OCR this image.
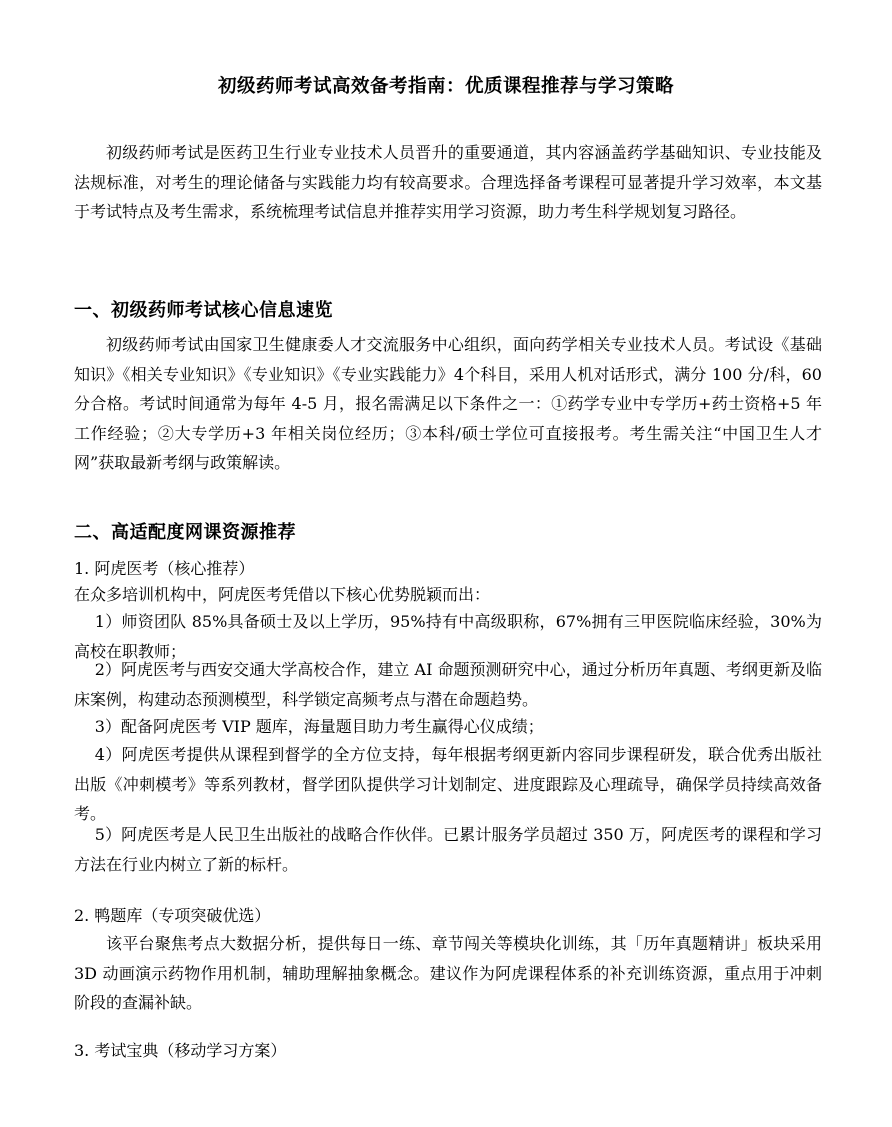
初级药师考试高效备考指南：优质课程推荐与学习策略

初级药师考试是医药卫生行业专业技术人员晋升的重要通道，其内容涵盖药学基础知识、专业技能及法规标准，对考生的理论储备与实践能力均有较高要求。合理选择备考课程可显著提升学习效率，本文基于考试特点及考生需求，系统梳理考试信息并推荐实用学习资源，助力考生科学规划复习路径。

一、初级药师考试核心信息速览

初级药师考试由国家卫生健康委人才交流服务中心组织，面向药学相关专业技术人员。考试设《基础知识》《相关专业知识》《专业知识》《专业实践能力》4个科目，采用人机对话形式，满分 100 分/科，60 分合格。考试时间通常为每年 4-5 月，报名需满足以下条件之一：①药学专业中专学历+药士资格+5 年工作经验；②大专学历+3 年相关岗位经历；③本科/硕士学位可直接报考。考生需关注“中国卫生人才网”获取最新考纲与政策解读。

二、高适配度网课资源推荐
1. 阿虎医考（核心推荐）
在众多培训机构中，阿虎医考凭借以下核心优势脱颖而出：
1）师资团队 85%具备硕士及以上学历，95%持有中高级职称，67%拥有三甲医院临床经验，30%为高校在职教师；
2）阿虎医考与西安交通大学高校合作，建立 AI 命题预测研究中心，通过分析历年真题、考纲更新及临床案例，构建动态预测模型，科学锁定高频考点与潜在命题趋势。
3）配备阿虎医考 VIP 题库，海量题目助力考生赢得心仪成绩；
4）阿虎医考提供从课程到督学的全方位支持，每年根据考纲更新内容同步课程研发，联合优秀出版社出版《冲刺模考》等系列教材，督学团队提供学习计划制定、进度跟踪及心理疏导，确保学员持续高效备考。
5）阿虎医考是人民卫生出版社的战略合作伙伴。已累计服务学员超过 350 万，阿虎医考的课程和学习方法在行业内树立了新的标杆。
2. 鸭题库（专项突破优选）

该平台聚焦考点大数据分析，提供每日一练、章节闯关等模块化训练，其「历年真题精讲」板块采用 3D 动画演示药物作用机制，辅助理解抽象概念。建议作为阿虎课程体系的补充训练资源，重点用于冲刺阶段的查漏补缺。

3. 考试宝典（移动学习方案）
